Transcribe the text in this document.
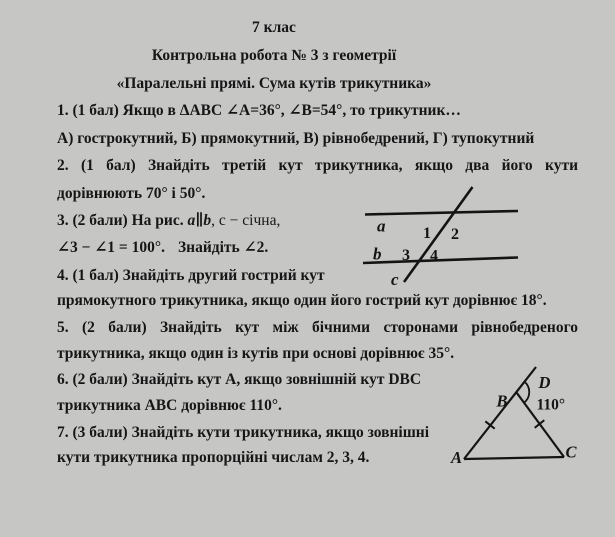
7 клас
Контрольна робота № 3 з геометрії
«Паралельні прямі. Сума кутів трикутника»
1. (1 бал) Якщо в ΔАВС ∠А=36°, ∠В=54°, то трикутник…
А) гострокутний, Б) прямокутний, В) рівнобедрений, Г) тупокутний
2. (1 бал) Знайдіть третій кут трикутника, якщо два його кути
дорівнюють 70° і 50°.
3. (2 бали) На рис. a∥b, c − січна,
∠3 − ∠1 = 100°. Знайдіть ∠2.
4. (1 бал) Знайдіть другий гострий кут
прямокутного трикутника, якщо один його гострий кут дорівнює 18°.
5. (2 бали) Знайдіть кут між бічними сторонами рівнобедреного
трикутника, якщо один із кутів при основі дорівнює 35°.
6. (2 бали) Знайдіть кут А, якщо зовнішній кут DBC
трикутника АВС дорівнює 110°.
7. (3 бали) Знайдіть кути трикутника, якщо зовнішні
кути трикутника пропорційні числам 2, 3, 4.
a 1 2
b 3 4
c
B
D
110°
A	C
